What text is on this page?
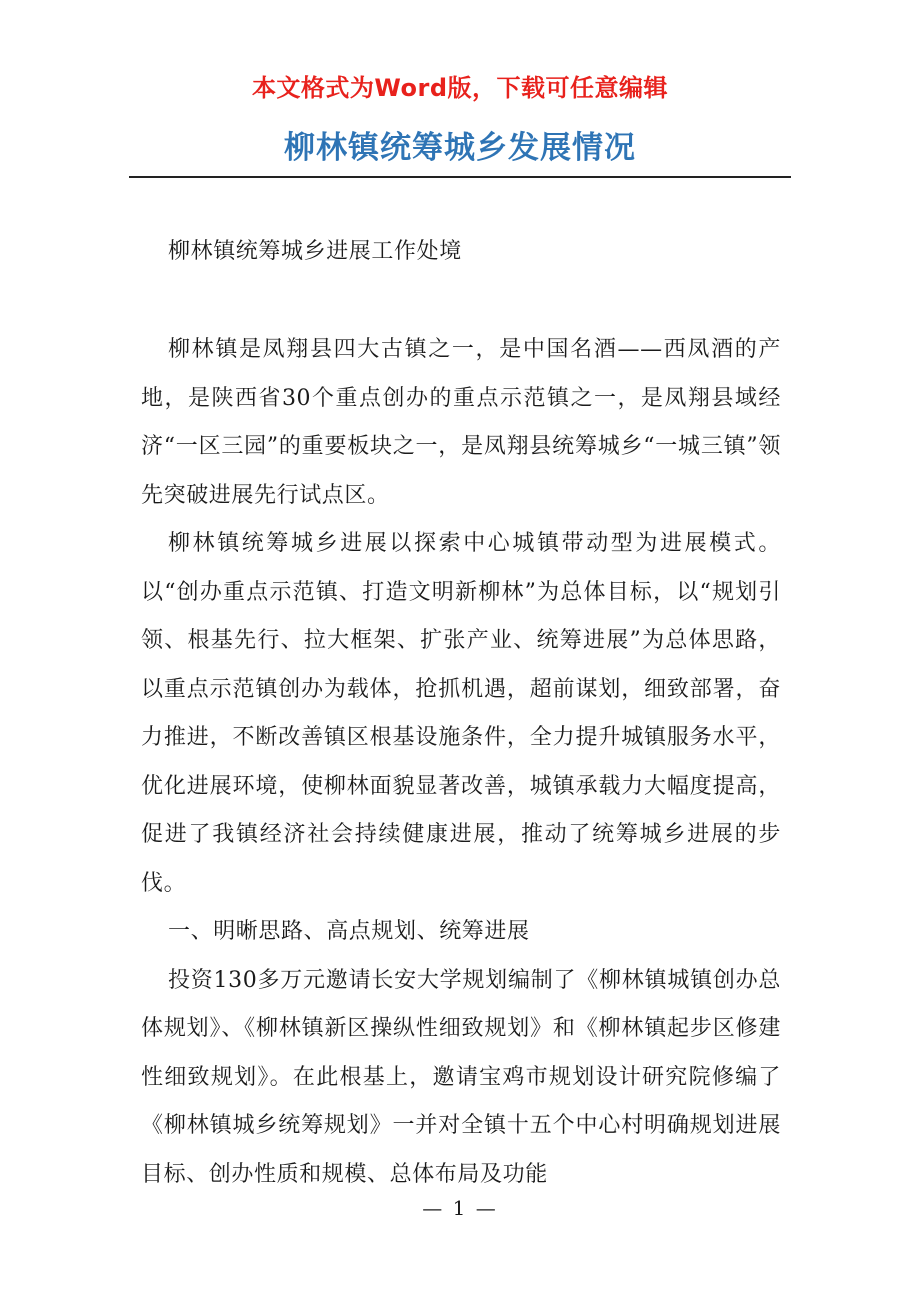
本文格式为Word版，下载可任意编辑
柳林镇统筹城乡发展情况

柳林镇统筹城乡进展工作处境

柳林镇是凤翔县四大古镇之一，是中国名酒——西凤酒的产地，是陕西省30个重点创办的重点示范镇之一，是凤翔县域经济“一区三园”的重要板块之一，是凤翔县统筹城乡“一城三镇”领先突破进展先行试点区。

柳林镇统筹城乡进展以探索中心城镇带动型为进展模式。以“创办重点示范镇、打造文明新柳林”为总体目标，以“规划引领、根基先行、拉大框架、扩张产业、统筹进展”为总体思路，以重点示范镇创办为载体，抢抓机遇，超前谋划，细致部署，奋力推进，不断改善镇区根基设施条件，全力提升城镇服务水平，优化进展环境，使柳林面貌显著改善，城镇承载力大幅度提高，促进了我镇经济社会持续健康进展，推动了统筹城乡进展的步伐。

一、明晰思路、高点规划、统筹进展

投资130多万元邀请长安大学规划编制了《柳林镇城镇创办总体规划》、《柳林镇新区操纵性细致规划》和《柳林镇起步区修建性细致规划》。在此根基上，邀请宝鸡市规划设计研究院修编了《柳林镇城乡统筹规划》一并对全镇十五个中心村明确规划进展目标、创办性质和规模、总体布局及功能

— 1 —
